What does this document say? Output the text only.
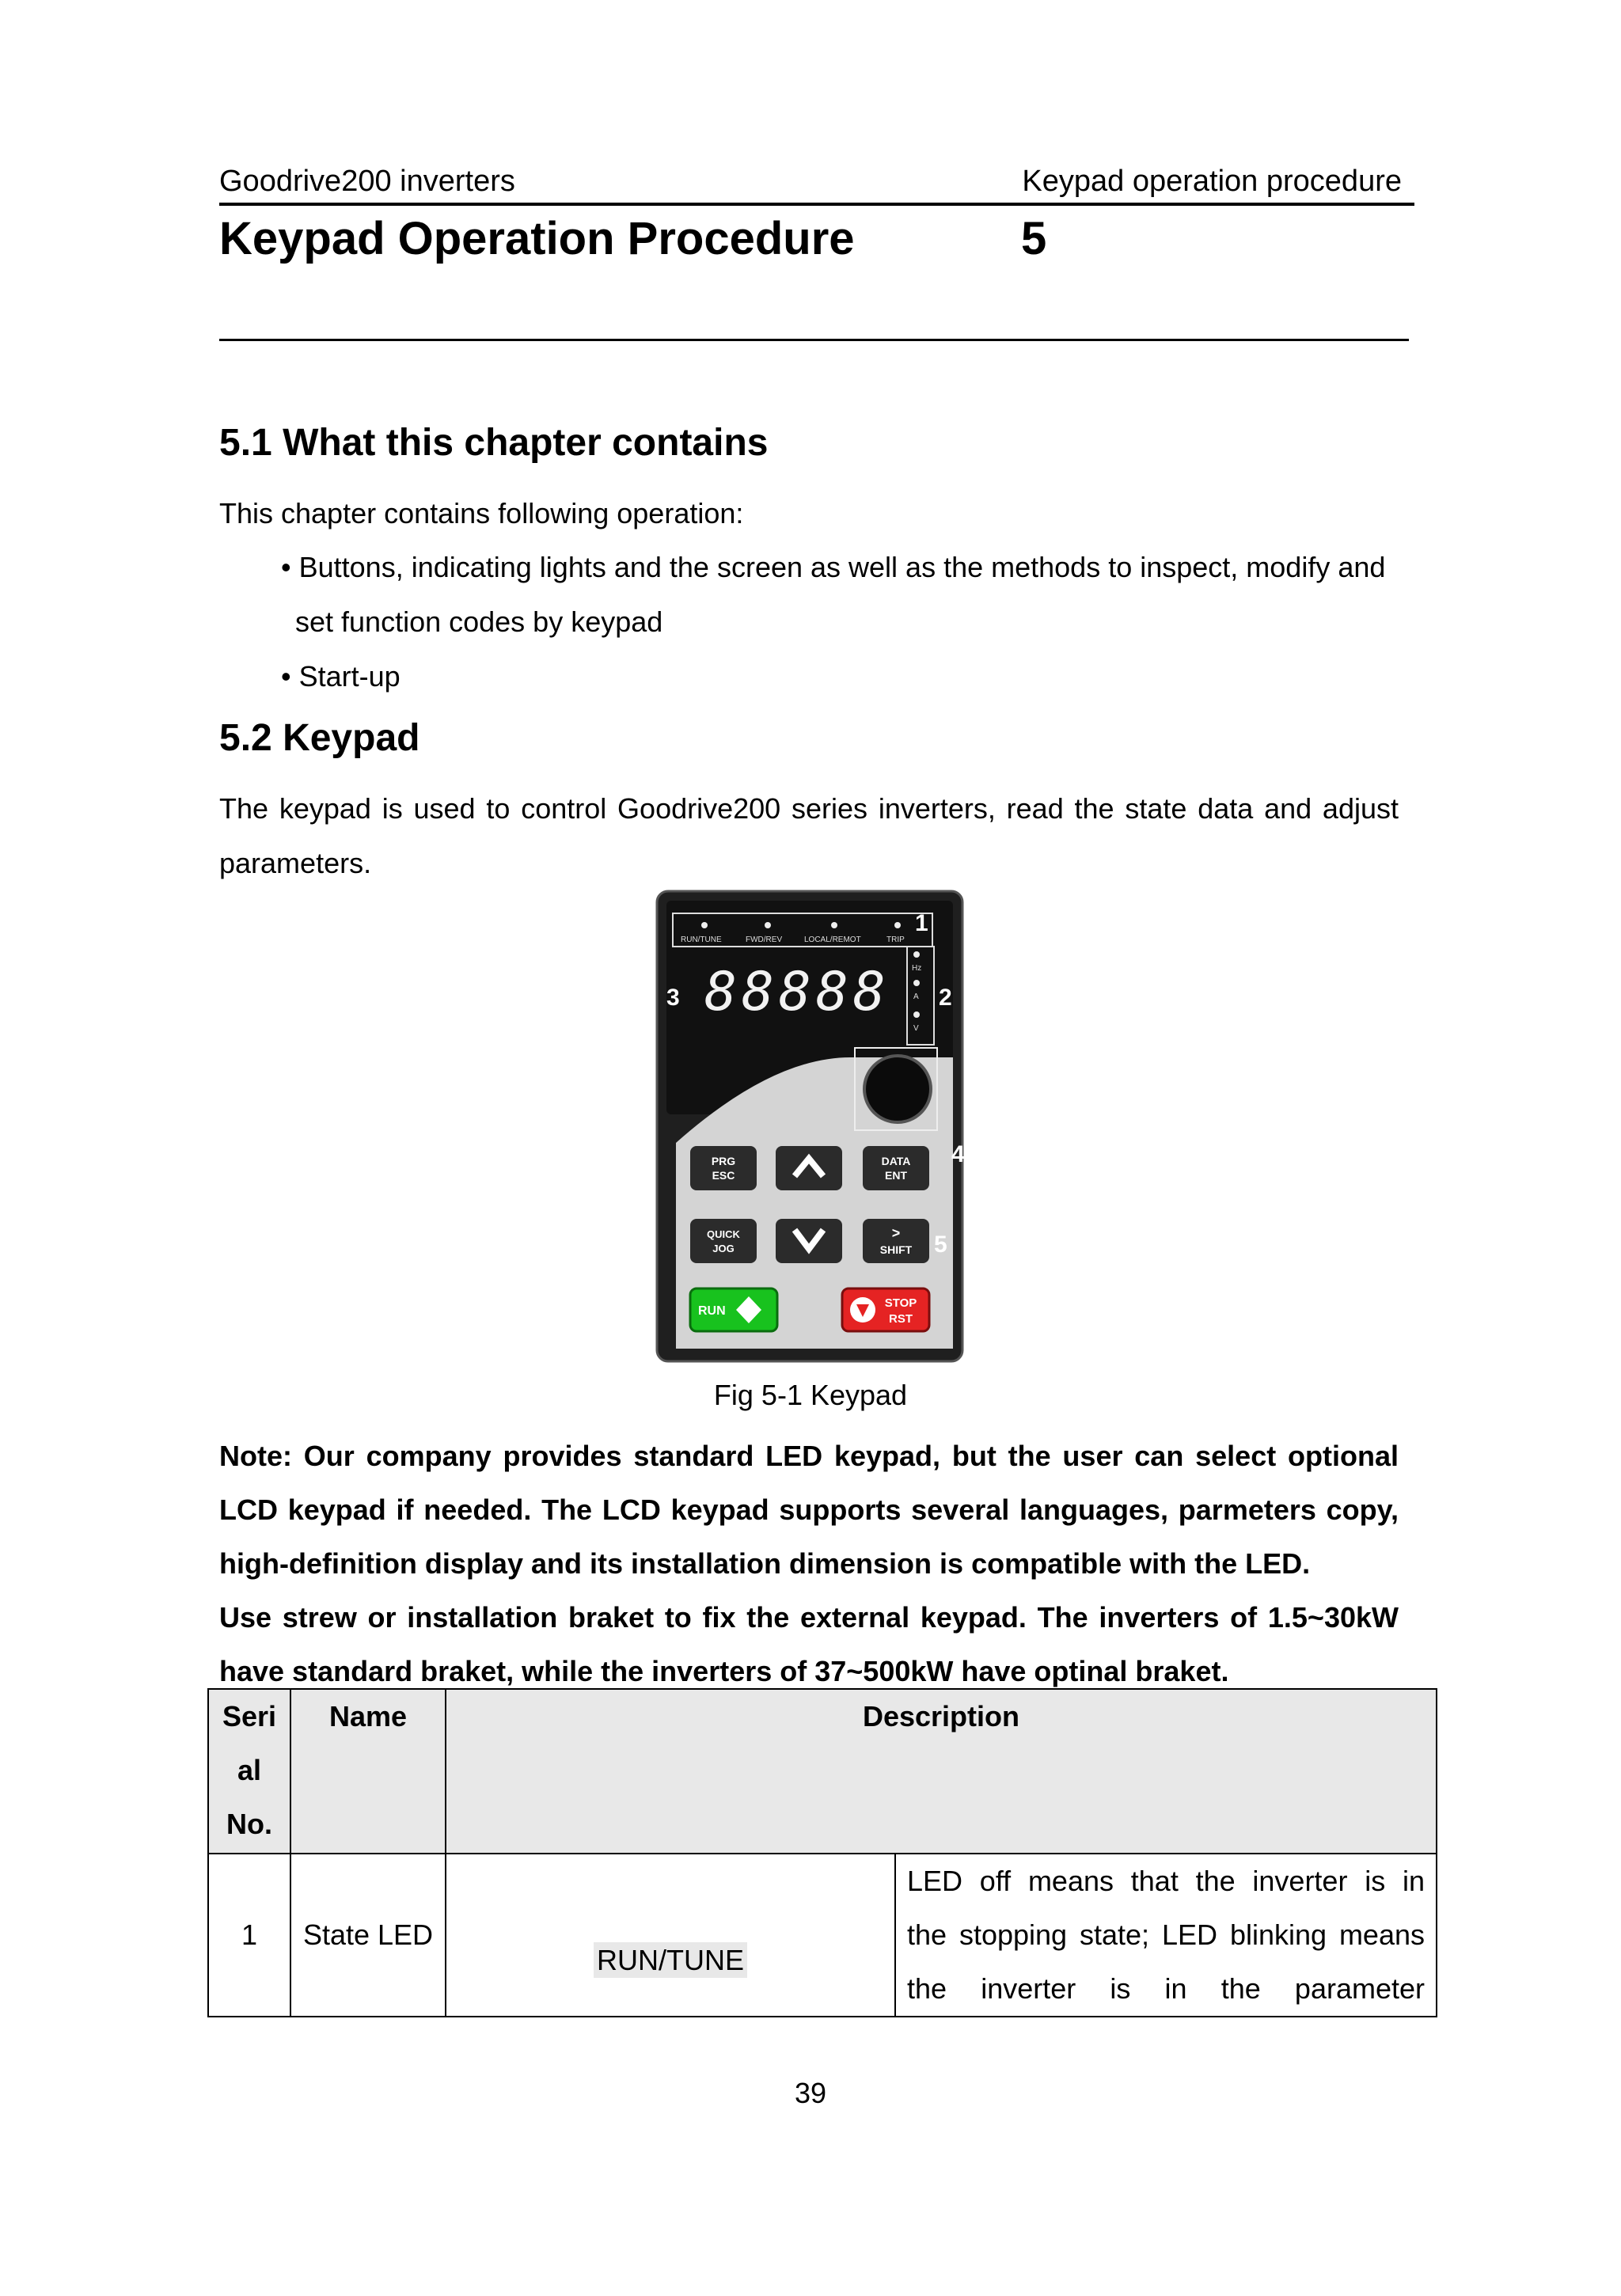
Goodrive200 inverters	Keypad operation procedure
Keypad Operation Procedure	5
5.1 What this chapter contains
This chapter contains following operation:
• Buttons, indicating lights and the screen as well as the methods to inspect, modify and
set function codes by keypad
• Start-up
5.2 Keypad
The keypad is used to control Goodrive200 series inverters, read the state data and adjust
parameters.
RUN/TUNE	FWD/REV	LOCAL/REMOT	TRIP
1
Hz
A
V
2
3 88888
4
PRG
ESC
DATA
ENT
QUICK
JOG
>
SHIFT 5
RUN
STOP
RST
Fig 5-1 Keypad
Note: Our company provides standard LED keypad, but the user can select optional
LCD keypad if needed. The LCD keypad supports several languages, parmeters copy,
high-definition display and its installation dimension is compatible with the LED.
Use strew or installation braket to fix the external keypad. The inverters of 1.5~30kW
have standard braket, while the inverters of 37~500kW have optinal braket.
Seri
al
No.	Name	Description	
1	State LED	RUN/TUNE	LED off means that the inverter is in
the stopping state; LED blinking means
the inverter is in the parameter
39
